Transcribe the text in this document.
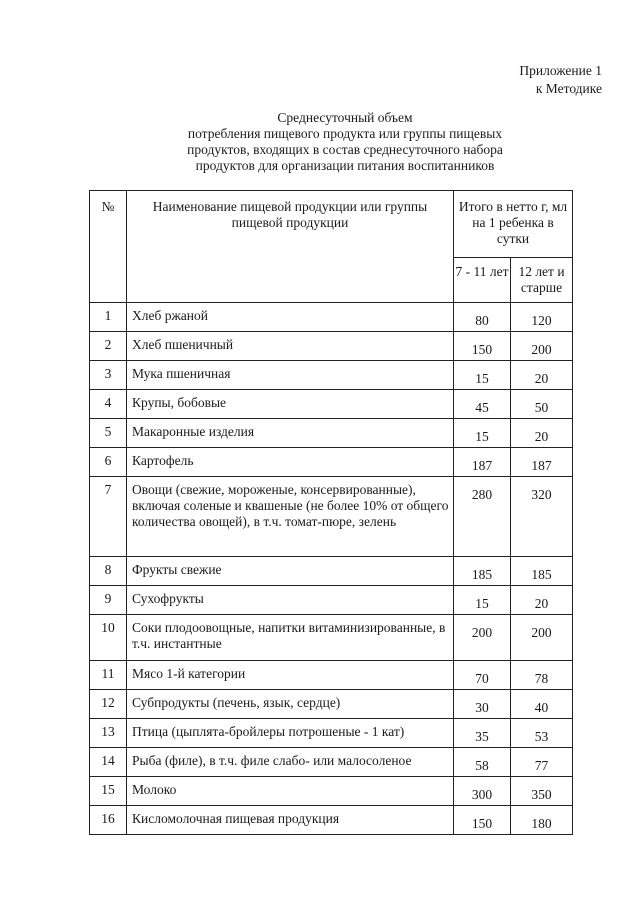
Приложение 1
к Методике
Среднесуточный объем
потребления пищевого продукта или группы пищевых
продуктов, входящих в состав среднесуточного набора
продуктов для организации питания воспитанников
№	Наименование пищевой продукции или группы пищевой продукции	Итого в нетто г, мл на 1 ребенка в сутки	
		7 - 11 лет	12 лет и старше
1	Хлеб ржаной	80	120
2	Хлеб пшеничный	150	200
3	Мука пшеничная	15	20
4	Крупы, бобовые	45	50
5	Макаронные изделия	15	20
6	Картофель	187	187
7	Овощи (свежие, мороженые, консервированные), включая соленые и квашеные (не более 10% от общего количества овощей), в т.ч. томат-пюре, зелень	280	320
8	Фрукты свежие	185	185
9	Сухофрукты	15	20
10	Соки плодоовощные, напитки витаминизированные, в т.ч. инстантные	200	200
11	Мясо 1-й категории	70	78
12	Субпродукты (печень, язык, сердце)	30	40
13	Птица (цыплята-бройлеры потрошеные - 1 кат)	35	53
14	Рыба (филе), в т.ч. филе слабо- или малосоленое	58	77
15	Молоко	300	350
16	Кисломолочная пищевая продукция	150	180
